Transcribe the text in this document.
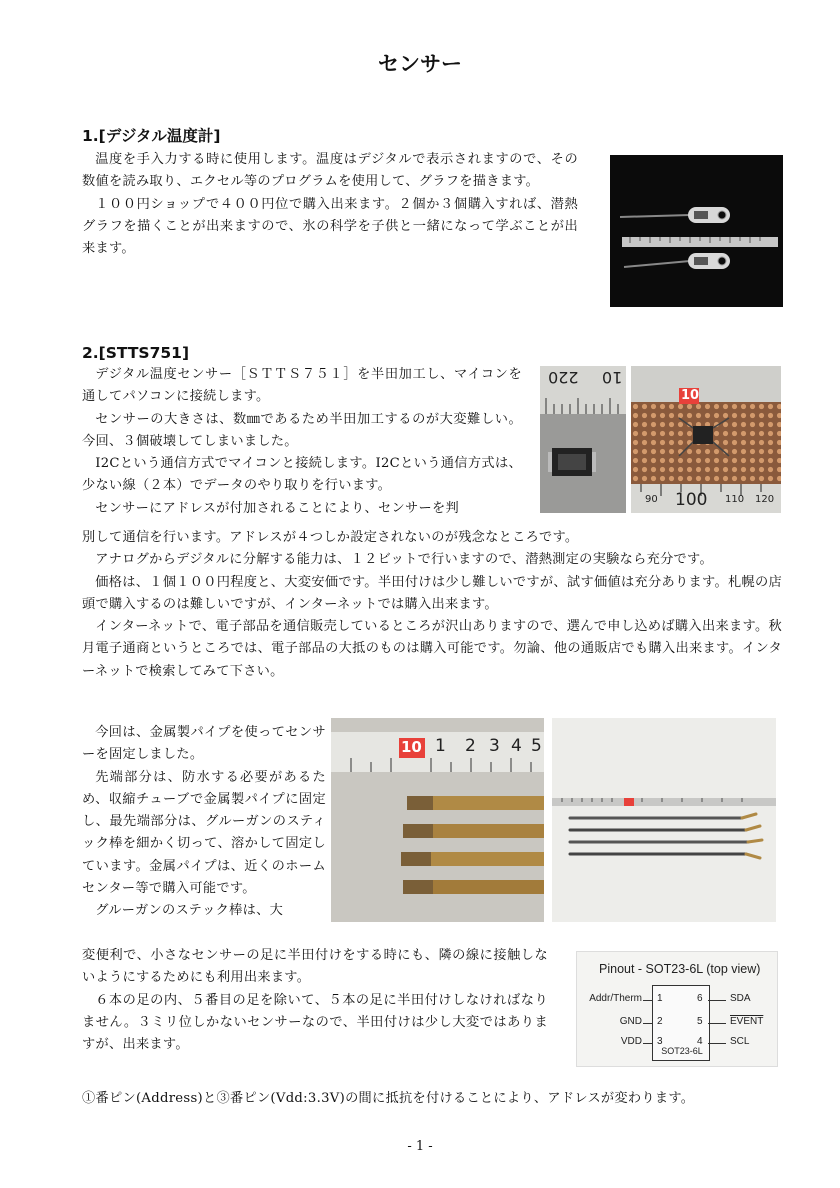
センサー
1.[デジタル温度計]
温度を手入力する時に使用します。温度はデジタルで表示されますので、その数値を読み取り、エクセル等のプログラムを使用して、グラフを描きます。
１００円ショップで４００円位で購入出来ます。２個か３個購入すれば、潜熱グラフを描くことが出来ますので、氷の科学を子供と一緒になって学ぶことが出来ます。
2.[STTS751]
デジタル温度センサー［ＳＴＴＳ７５１］を半田加工し、マイコンを通してパソコンに接続します。
センサーの大きさは、数㎜であるため半田加工するのが大変難しい。今回、３個破壊してしまいました。
I2Cという通信方式でマイコンと接続します。I2Cという通信方式は、少ない線（２本）でデータのやり取りを行います。
センサーにアドレスが付加されることにより、センサーを判
別して通信を行います。アドレスが４つしか設定されないのが残念なところです。
アナログからデジタルに分解する能力は、１２ビットで行いますので、潜熱測定の実験なら充分です。
価格は、１個１００円程度と、大変安価です。半田付けは少し難しいですが、試す価値は充分あります。札幌の店頭で購入するのは難しいですが、インターネットでは購入出来ます。
インターネットで、電子部品を通信販売しているところが沢山ありますので、選んで申し込めば購入出来ます。秋月電子通商というところでは、電子部品の大抵のものは購入可能です。勿論、他の通販店でも購入出来ます。インターネットで検索してみて下さい。
220 10
10
90 100 110 120
今回は、金属製パイプを使ってセンサーを固定しました。
先端部分は、防水する必要があるため、収縮チューブで金属製パイプに固定し、最先端部分は、グルーガンのスティック棒を細かく切って、溶かして固定しています。金属パイプは、近くのホームセンター等で購入可能です。
グルーガンのステック棒は、大
10 1 2 3 4 5
変便利で、小さなセンサーの足に半田付けをする時にも、隣の線に接触しないようにするためにも利用出来ます。
６本の足の内、５番目の足を除いて、５本の足に半田付けしなければなりません。３ミリ位しかないセンサーなので、半田付けは少し大変ではありますが、出来ます。
Pinout - SOT23-6L (top view)
SOT23-6L
Addr/Therm
GND
VDD
1
2
3
6
5
4
SDA
EVENT
SCL
①番ピン(Address)と③番ピン(Vdd:3.3V)の間に抵抗を付けることにより、アドレスが変わります。
- 1 -
